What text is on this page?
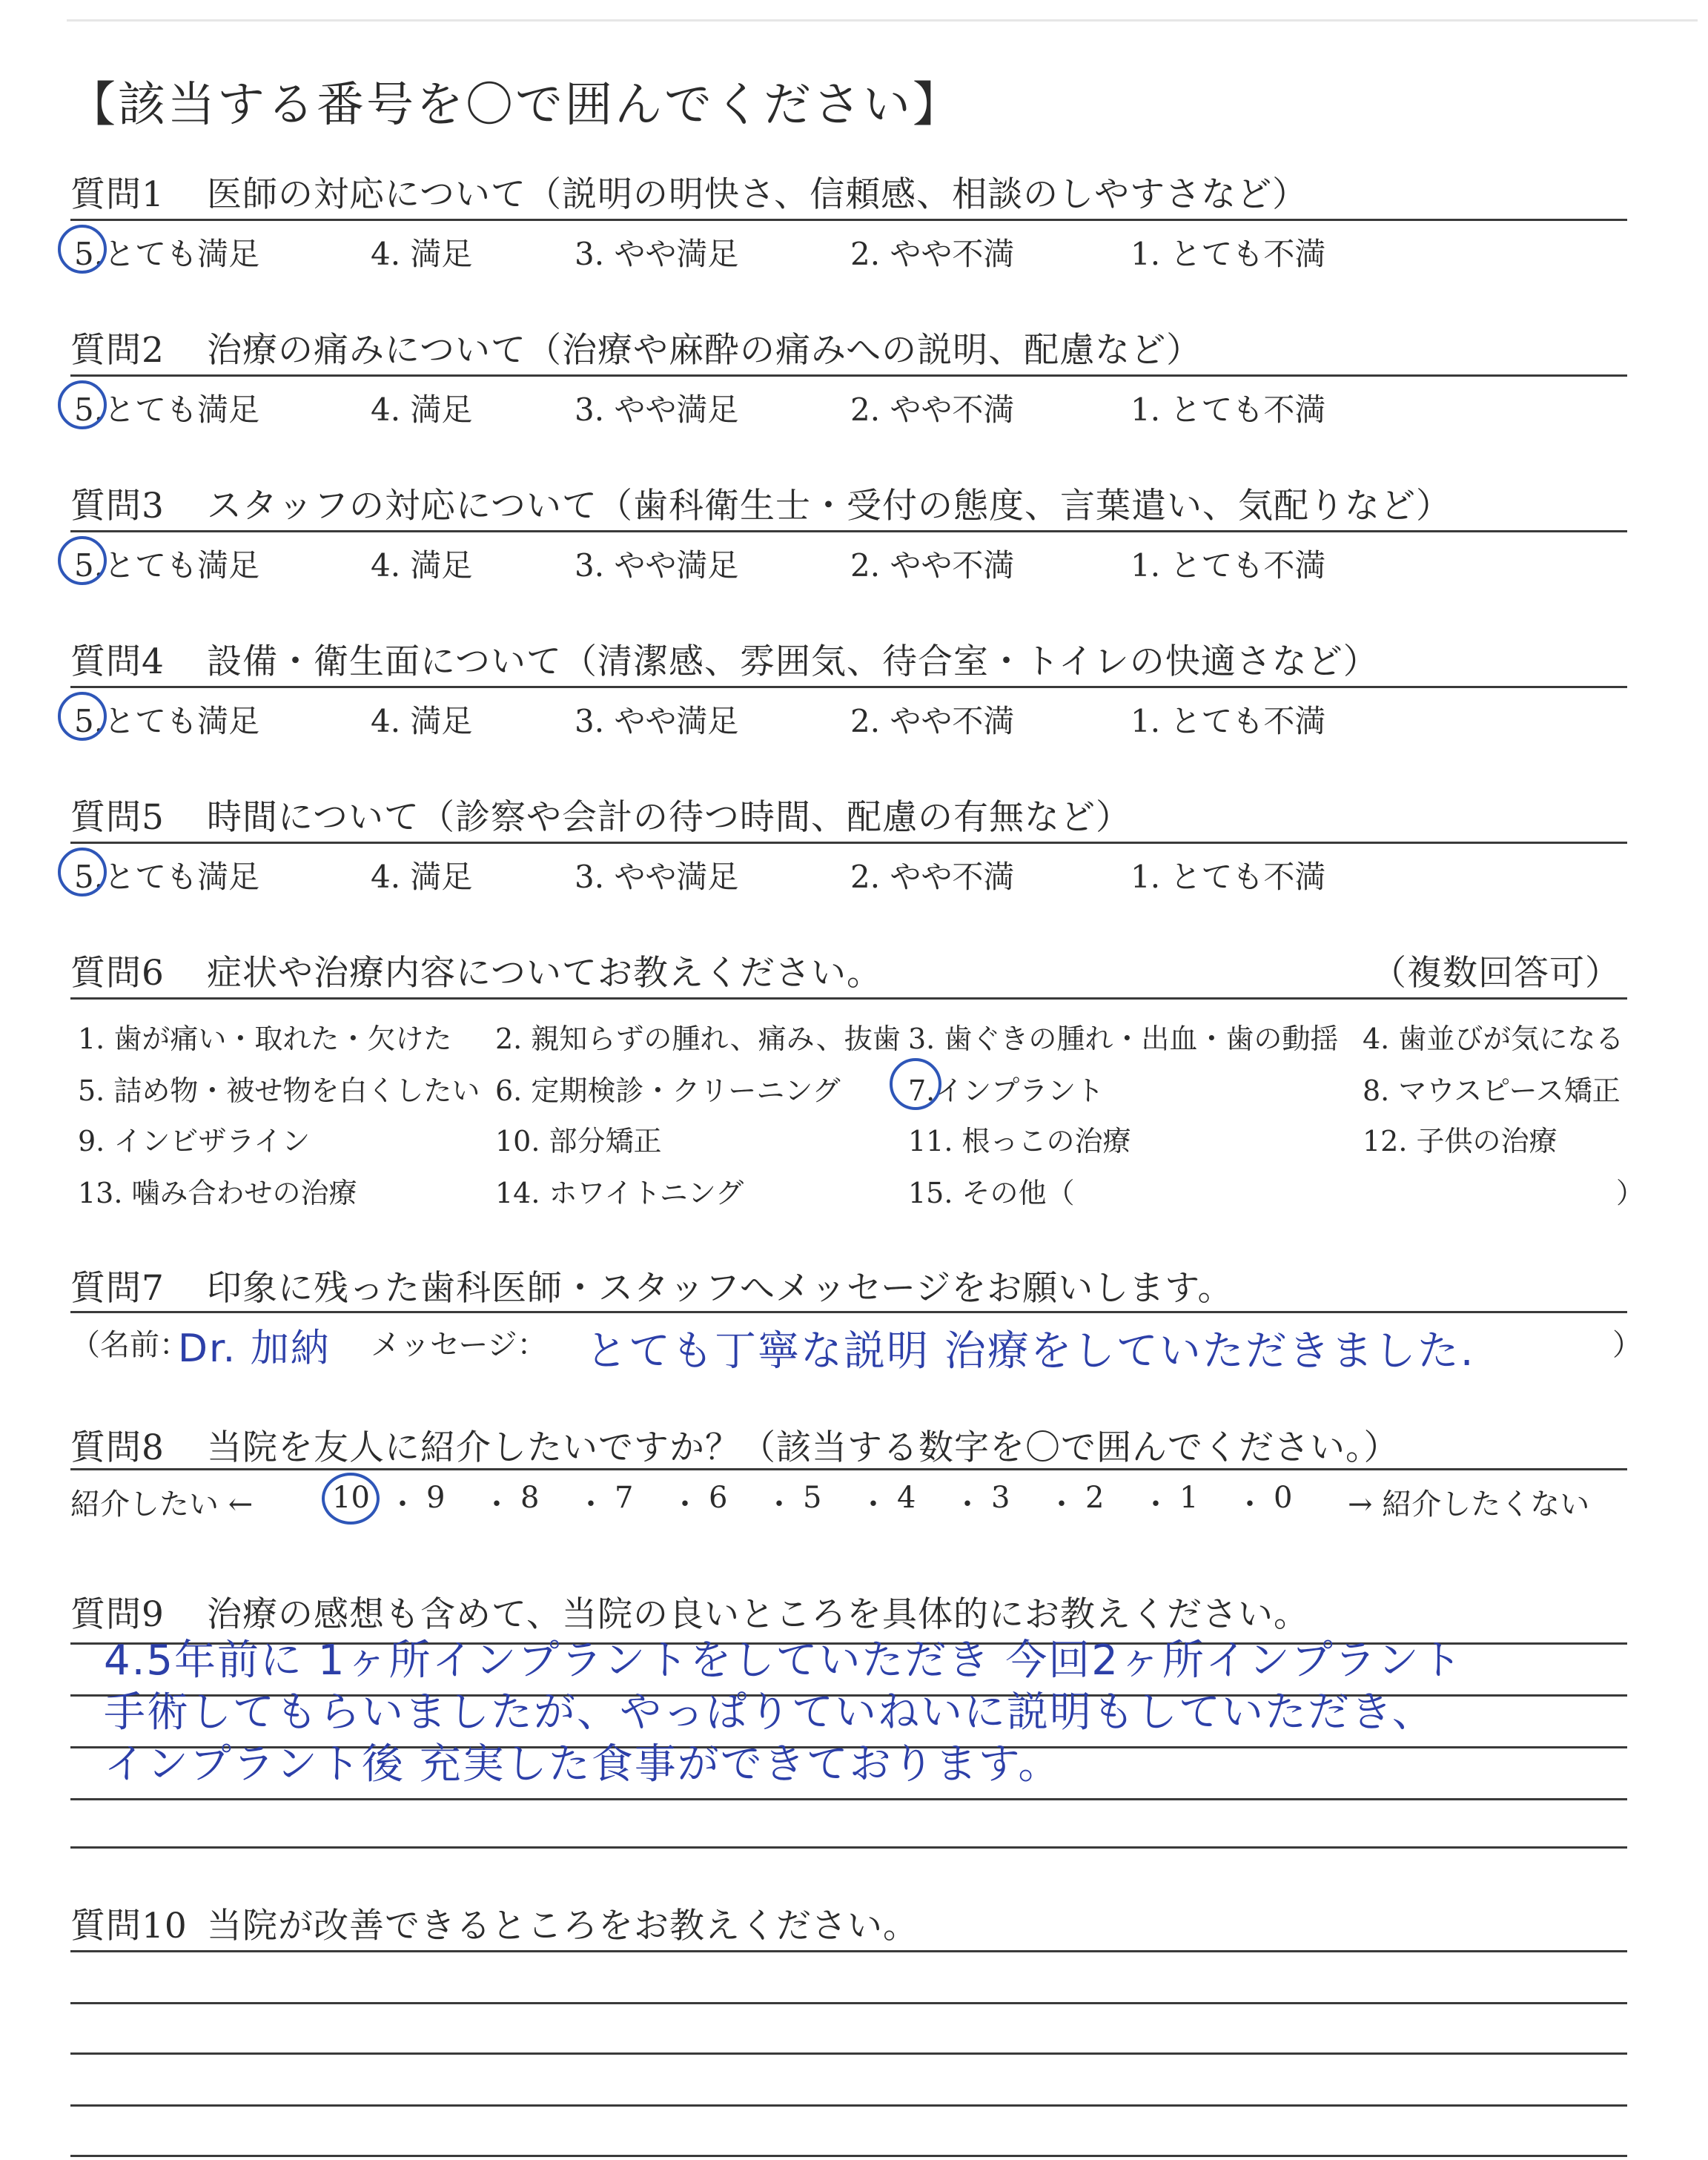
【該当する番号を〇で囲んでください】
質問1 医師の対応について（説明の明快さ、信頼感、相談のしやすさなど）
5.とても満足	4. 満足	3. やや満足	2. やや不満	1. とても不満
質問2 治療の痛みについて（治療や麻酔の痛みへの説明、配慮など）
5.とても満足	4. 満足	3. やや満足	2. やや不満	1. とても不満
質問3 スタッフの対応について（歯科衛生士・受付の態度、言葉遣い、気配りなど）
5.とても満足	4. 満足	3. やや満足	2. やや不満	1. とても不満
質問4 設備・衛生面について（清潔感、雰囲気、待合室・トイレの快適さなど）
5.とても満足	4. 満足	3. やや満足	2. やや不満	1. とても不満
質問5 時間について（診察や会計の待つ時間、配慮の有無など）
5.とても満足	4. 満足	3. やや満足	2. やや不満	1. とても不満
質問6 症状や治療内容についてお教えください。	（複数回答可）
1. 歯が痛い・取れた・欠けた 2. 親知らずの腫れ、痛み、抜歯 3. 歯ぐきの腫れ・出血・歯の動揺 4. 歯並びが気になる
5. 詰め物・被せ物を白くしたい 6. 定期検診・クリーニング 7.インプラント	8. マウスピース矯正
9. インビザライン	10. 部分矯正	11. 根っこの治療	12. 子供の治療
13. 噛み合わせの治療	14. ホワイトニング	15. その他（	）
質問7 印象に残った歯科医師・スタッフへメッセージをお願いします。
（名前：
Dr. 加納 メッセージ： とても丁寧な説明 治療をしていただきました.	）
質問8 当院を友人に紹介したいですか？（該当する数字を〇で囲んでください。）
紹介したい ←	→ 紹介したくない
10 ・ 9 ・ 8 ・ 7 ・ 6 ・ 5 ・ 4 ・ 3 ・ 2 ・ 1 ・ 0
質問9 治療の感想も含めて、当院の良いところを具体的にお教えください。
4.5年前に 1ヶ所インプラントをしていただき 今回2ヶ所インプラント
手術してもらいましたが、やっぱりていねいに説明もしていただき、
インプラント後 充実した食事ができております。
質問10 当院が改善できるところをお教えください。
